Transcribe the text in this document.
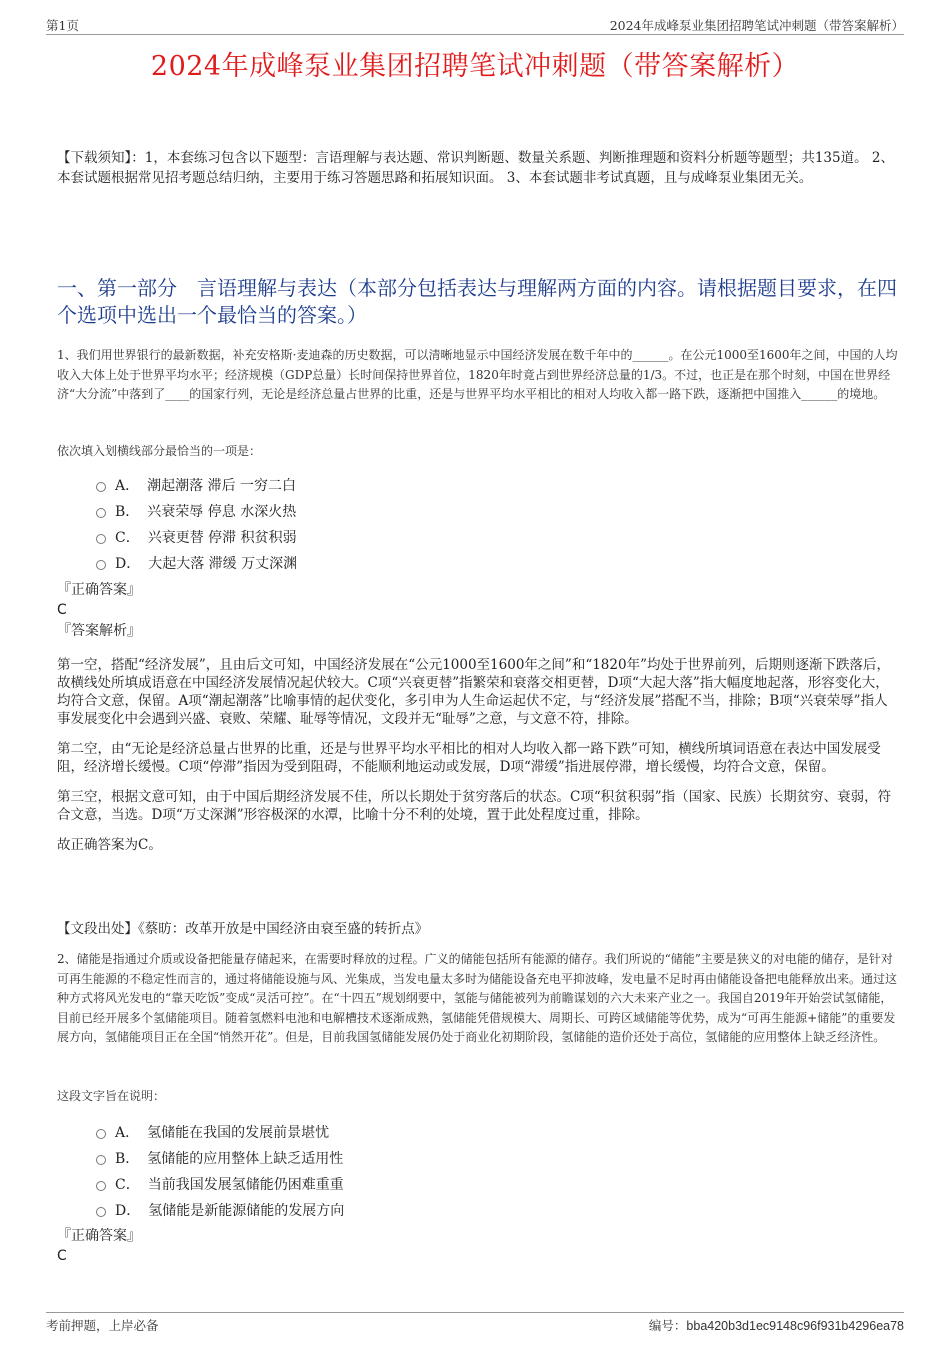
第1页	2024年成峰泵业集团招聘笔试冲刺题（带答案解析）
2024年成峰泵业集团招聘笔试冲刺题（带答案解析）
【下载须知】：1，本套练习包含以下题型：言语理解与表达题、常识判断题、数量关系题、判断推理题和资料分析题等题型；共135道。 2、本套试题根据常见招考题总结归纳，主要用于练习答题思路和拓展知识面。 3、本套试题非考试真题，且与成峰泵业集团无关。
一、第一部分　言语理解与表达（本部分包括表达与理解两方面的内容。请根据题目要求，在四个选项中选出一个最恰当的答案。）
1、我们用世界银行的最新数据，补充安格斯·麦迪森的历史数据，可以清晰地显示中国经济发展在数千年中的______。在公元1000至1600年之间，中国的人均收入大体上处于世界平均水平；经济规模（GDP总量）长时间保持世界首位，1820年时竟占到世界经济总量的1/3。不过，也正是在那个时刻，中国在世界经济“大分流”中落到了____的国家行列，无论是经济总量占世界的比重，还是与世界平均水平相比的相对人均收入都一路下跌，逐渐把中国推入______的境地。
依次填入划横线部分最恰当的一项是：
A． 潮起潮落 滞后 一穷二白
B． 兴衰荣辱 停息 水深火热
C． 兴衰更替 停滞 积贫积弱
D． 大起大落 滞缓 万丈深渊
『正确答案』
C
『答案解析』

第一空，搭配“经济发展”，且由后文可知，中国经济发展在“公元1000至1600年之间”和“1820年”均处于世界前列，后期则逐渐下跌落后，故横线处所填成语意在中国经济发展情况起伏较大。C项“兴衰更替”指繁荣和衰落交相更替，D项“大起大落”指大幅度地起落，形容变化大，均符合文意，保留。A项“潮起潮落”比喻事情的起伏变化，多引申为人生命运起伏不定，与“经济发展”搭配不当，排除；B项“兴衰荣辱”指人事发展变化中会遇到兴盛、衰败、荣耀、耻辱等情况，文段并无“耻辱”之意，与文意不符，排除。

第二空，由“无论是经济总量占世界的比重，还是与世界平均水平相比的相对人均收入都一路下跌”可知，横线所填词语意在表达中国发展受阻，经济增长缓慢。C项“停滞”指因为受到阻碍，不能顺利地运动或发展，D项“滞缓”指进展停滞，增长缓慢，均符合文意，保留。

第三空，根据文意可知，由于中国后期经济发展不佳，所以长期处于贫穷落后的状态。C项“积贫积弱”指（国家、民族）长期贫穷、衰弱，符合文意，当选。D项“万丈深渊”形容极深的水潭，比喻十分不利的处境，置于此处程度过重，排除。

故正确答案为C。

【文段出处】《蔡昉：改革开放是中国经济由衰至盛的转折点》
2、储能是指通过介质或设备把能量存储起来，在需要时释放的过程。广义的储能包括所有能源的储存。我们所说的“储能”主要是狭义的对电能的储存，是针对可再生能源的不稳定性而言的，通过将储能设施与风、光集成，当发电量太多时为储能设备充电平抑波峰，发电量不足时再由储能设备把电能释放出来。通过这种方式将风光发电的“靠天吃饭”变成“灵活可控”。在“十四五”规划纲要中，氢能与储能被列为前瞻谋划的六大未来产业之一。我国自2019年开始尝试氢储能，目前已经开展多个氢储能项目。随着氢燃料电池和电解槽技术逐渐成熟，氢储能凭借规模大、周期长、可跨区域储能等优势，成为“可再生能源+储能”的重要发展方向，氢储能项目正在全国“悄然开花”。但是，目前我国氢储能发展仍处于商业化初期阶段，氢储能的造价还处于高位，氢储能的应用整体上缺乏经济性。
这段文字旨在说明：
A． 氢储能在我国的发展前景堪忧
B． 氢储能的应用整体上缺乏适用性
C． 当前我国发展氢储能仍困难重重
D． 氢储能是新能源储能的发展方向
『正确答案』
C
考前押题，上岸必备	编号：bba420b3d1ec9148c96f931b4296ea78
